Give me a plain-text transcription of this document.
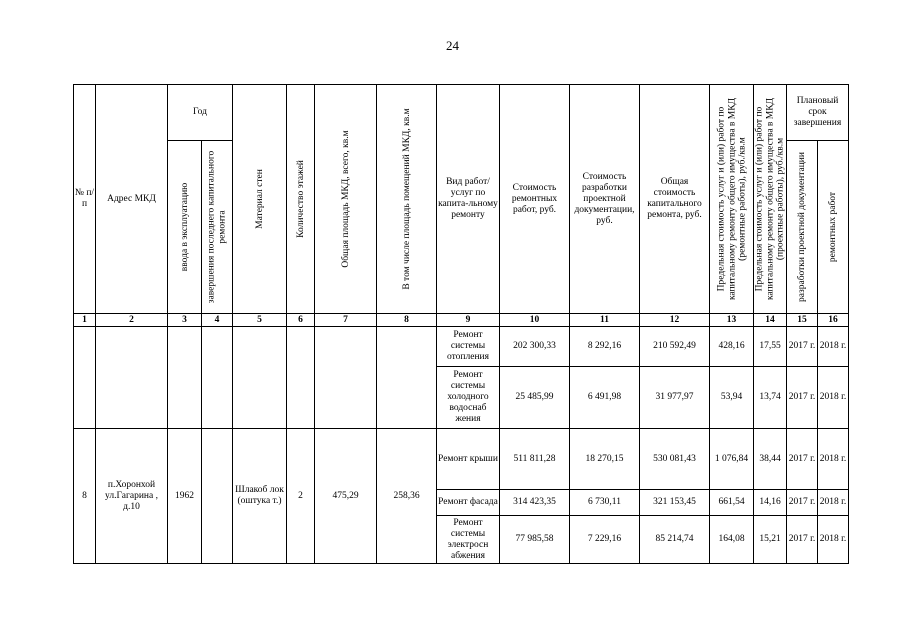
24
№ п/п	Адрес МКД	Год		Материал стен	Количество этажей	Общая площадь МКД, всего, кв.м	В том числе площадь помещений МКД, кв.м	Вид работ/ услуг по капита-льному ремонту	Стоимость ремонтных работ, руб.	Стоимость разработки проектной документации, руб.	Общая стоимость капитального ремонта, руб.	Предельная стоимость услуг и (или) работ по капитальному ремонту общего имущества в МКД (ремонтные работы), руб./кв.м	Предельная стоимость услуг и (или) работ по капитальному ремонту общего имущества в МКД (проектные работы), руб./кв.м	Плановый срок завершения	

		ввода в эксплуатацию	завершения последнего капитального ремонта											разработки проектной документации	ремонтных работ

1	2	3	4	5	6	7	8	9	10	11	12	13	14	15	16
								Ремонт системы отопления	202 300,33	8 292,16	210 592,49	428,16	17,55	2017 г.	2018 г.
								Ремонт системы холодного водоснаб жения	25 485,99	6 491,98	31 977,97	53,94	13,74	2017 г.	2018 г.
8	п.Хоронхой ул.Гагарина , д.10	1962		Шлакоб лок (оштука т.)	2	475,29	258,36	Ремонт крыши	511 811,28	18 270,15	530 081,43	1 076,84	38,44	2017 г.	2018 г.
								Ремонт фасада	314 423,35	6 730,11	321 153,45	661,54	14,16	2017 г.	2018 г.
								Ремонт системы электросн абжения	77 985,58	7 229,16	85 214,74	164,08	15,21	2017 г.	2018 г.
